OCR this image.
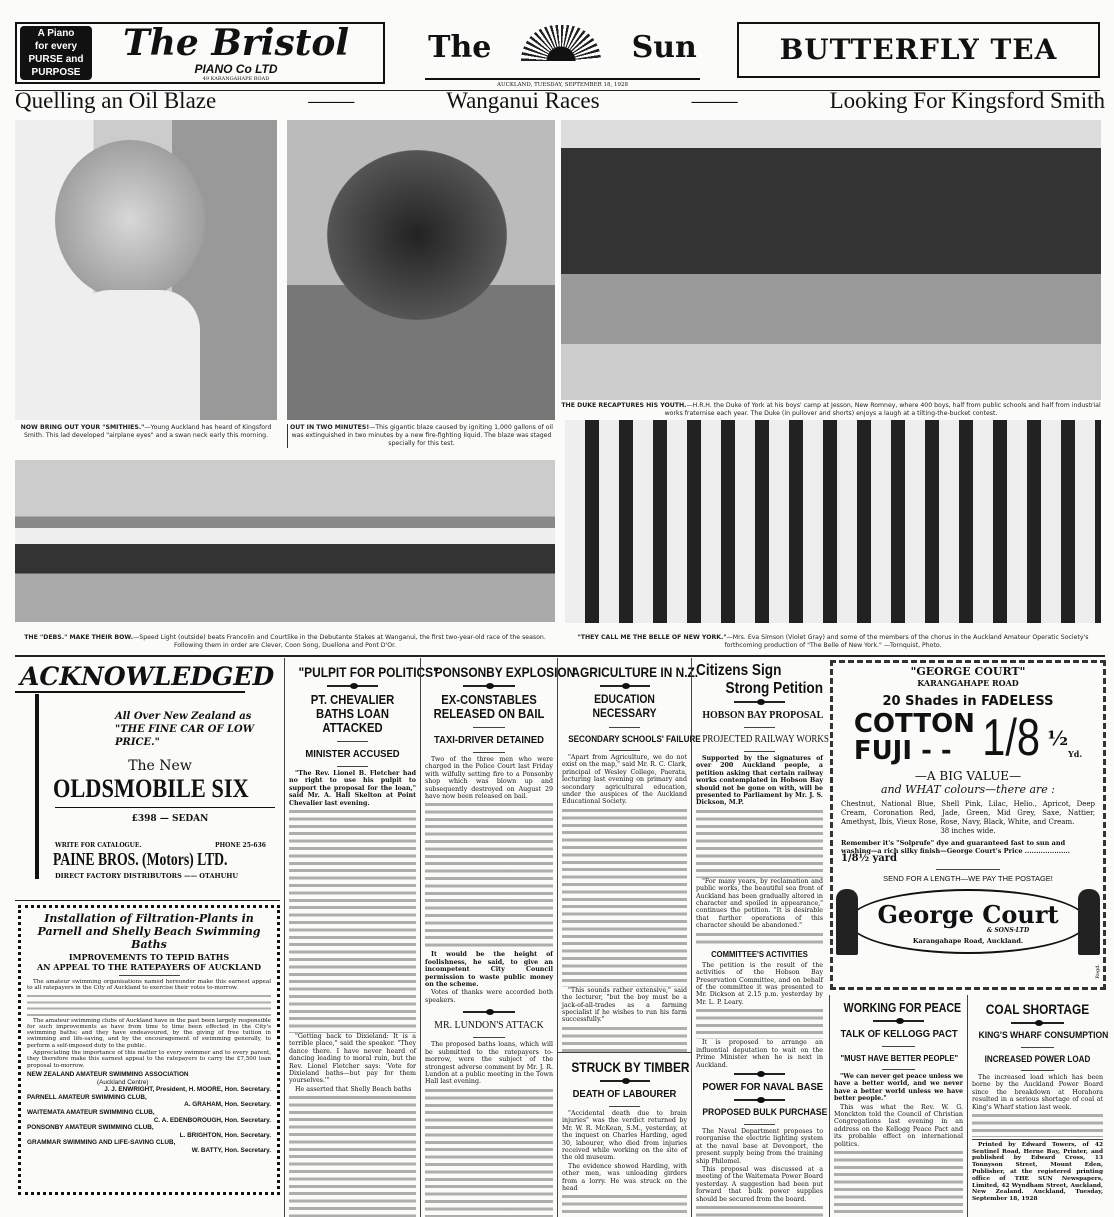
A Piano
for every
PURSE and
PURPOSE
The Bristol
PIANO Co LTD
49 KARANGAHAPE ROAD
The	Sun
AUCKLAND, TUESDAY, SEPTEMBER 18, 1928
BUTTERFLY TEA
Quelling an Oil Blaze	——	Wanganui Races	——	Looking For Kingsford Smith
NOW BRING OUT YOUR "SMITHIES."—Young Auckland has heard of Kingsford Smith. This lad developed "airplane eyes" and a swan neck early this morning.
OUT IN TWO MINUTES!—This gigantic blaze caused by igniting 1,000 gallons of oil was extinguished in two minutes by a new fire-fighting liquid. The blaze was staged specially for this test.
THE DUKE RECAPTURES HIS YOUTH.—H.R.H. the Duke of York at his boys' camp at Jesson, New Romney, where 400 boys, half from public schools and half from industrial works fraternise each year. The Duke (in pullover and shorts) enjoys a laugh at a tilting-the-bucket contest.
THE "DEBS." MAKE THEIR BOW.—Speed Light (outside) beats Francolin and Courtlike in the Debutante Stakes at Wanganui, the first two-year-old race of the season. Following them in order are Clever, Coon Song, Duellona and Pont D'Or.
"THEY CALL ME THE BELLE OF NEW YORK."—Mrs. Eva Simson (Violet Gray) and some of the members of the chorus in the Auckland Amateur Operatic Society's forthcoming production of "The Belle of New York." —Tornquist, Photo.
ACKNOWLEDGED
All Over New Zealand as "THE FINE CAR OF LOW PRICE."
The New
OLDSMOBILE SIX
£398 — SEDAN
WRITE FOR CATALOGUE.	PHONE 25-636
PAINE BROS. (Motors) LTD.
DIRECT FACTORY DISTRIBUTORS —— OTAHUHU
Installation of Filtration-Plants in Parnell and Shelly Beach Swimming Baths
IMPROVEMENTS TO TEPID BATHS
AN APPEAL TO THE RATEPAYERS OF AUCKLAND
The amateur swimming organisations named hereunder make this earnest appeal to all ratepayers in the City of Auckland to exercise their votes to-morrow.
The amateur swimming clubs of Auckland have in the past been largely responsible for such improvements as have from time to time been effected in the City's swimming baths; and they have endeavoured, by the giving of free tuition in swimming and life-saving, and by the encouragement of swimming generally, to perform a self-imposed duty to the public.
Appreciating the importance of this matter to every swimmer and to every parent, they therefore make this earnest appeal to the ratepayers to carry the £7,500 loan proposal to-morrow.
NEW ZEALAND AMATEUR SWIMMING ASSOCIATION
(Auckland Centre)
J. J. ENWRIGHT, President, H. MOORE, Hon. Secretary.
PARNELL AMATEUR SWIMMING CLUB,
A. GRAHAM, Hon. Secretary.
WAITEMATA AMATEUR SWIMMING CLUB,
C. A. EDENBOROUGH, Hon. Secretary.
PONSONBY AMATEUR SWIMMING CLUB,
L. BRIGHTON, Hon. Secretary.
GRAMMAR SWIMMING AND LIFE-SAVING CLUB,
W. BATTY, Hon. Secretary.
"PULPIT FOR POLITICS"
PT. CHEVALIER BATHS LOAN ATTACKED
MINISTER ACCUSED
"The Rev. Lionel B. Fletcher had no right to use his pulpit to support the proposal for the loan," said Mr. A. Hall Skelton at Point Chevalier last evening.
"Getting back to Dixieland: It is a terrible place," said the speaker. "They dance there. I have never heard of dancing leading to moral ruin, but the Rev. Lionel Fletcher says: 'Vote for Dixieland baths—but pay for them yourselves.'"
He asserted that Shelly Beach baths
PONSONBY EXPLOSION
EX-CONSTABLES RELEASED ON BAIL
TAXI-DRIVER DETAINED
Two of the three men who were charged in the Police Court last Friday with wilfully setting fire to a Ponsonby shop which was blown up and subsequently destroyed on August 29 have now been released on bail.
It would be the height of foolishness, he said, to give an incompetent City Council permission to waste public money on the scheme.
Votes of thanks were accorded both speakers.
MR. LUNDON'S ATTACK
The proposed baths loans, which will be submitted to the ratepayers to-morrow, were the subject of the strongest adverse comment by Mr. J. R. Lundon at a public meeting in the Town Hall last evening.
AGRICULTURE IN N.Z.
EDUCATION NECESSARY
SECONDARY SCHOOLS' FAILURE
"Apart from Agriculture, we do not exist on the map," said Mr. R. C. Clark, principal of Wesley College, Paerata, lecturing last evening on primary and secondary agricultural education, under the auspices of the Auckland Educational Society.
"This sounds rather extensive," said the lecturer, "but the boy must be a jack-of-all-trades as a farming specialist if he wishes to run his farm successfully."
STRUCK BY TIMBER
DEATH OF LABOURER
"Accidental death due to brain injuries" was the verdict returned by Mr. W. R. McKean, S.M., yesterday, at the inquest on Charles Harding, aged 30, labourer, who died from injuries received while working on the site of the old museum.
The evidence showed Harding, with other men, was unloading girders from a lorry. He was struck on the head
Citizens Sign
Strong Petition
HOBSON BAY PROPOSAL
PROJECTED RAILWAY WORKS
Supported by the signatures of over 200 Auckland people, a petition asking that certain railway works contemplated in Hobson Bay should not be gone on with, will be presented to Parliament by Mr. J. S. Dickson, M.P.
"For many years, by reclamation and public works, the beautiful sea front of Auckland has been gradually altered in character and spoiled in appearance," continues the petition. "It is desirable that further operations of this character should be abandoned."
COMMITTEE'S ACTIVITIES
The petition is the result of the activities of the Hobson Bay Preservation Committee, and on behalf of the committee it was presented to Mr. Dickson at 2.15 p.m. yesterday by Mr. L. P. Leary.
It is proposed to arrange an influential deputation to wait on the Prime Minister when he is next in Auckland.
POWER FOR NAVAL BASE
PROPOSED BULK PURCHASE
The Naval Department proposes to reorganise the electric lighting system at the naval base at Devonport, the present supply being from the training ship Philomel.
This proposal was discussed at a meeting of the Waitemata Power Board yesterday. A suggestion had been put forward that bulk power supplies should be secured from the board.
"GEORGE COURT"
KARANGAHAPE ROAD
20 Shades in FADELESS
COTTON
FUJI - - 1/8 ½
Yd.
—A BIG VALUE—
and WHAT colours—there are :
Chestnut, National Blue, Shell Pink, Lilac, Helio., Apricot, Deep Cream, Coronation Red, Jade, Green, Mid Grey, Saxe, Nattier, Amethyst, Ibis, Vieux Rose, Rose, Navy, Black, White, and Cream.
38 inches wide.
Remember it's "Solprufe" dye and guaranteed fast to sun and washing—a rich silky finish—George Court's Price .................... 1/8½ yard
SEND FOR A LENGTH—WE PAY THE POSTAGE!
George Court
& SONS·LTD
Karangahape Road, Auckland.
Regd.
WORKING FOR PEACE
TALK OF KELLOGG PACT
"MUST HAVE BETTER PEOPLE"
"We can never get peace unless we have a better world, and we never have a better world unless we have better people."
This was what the Rev. W. G. Monckton told the Council of Christian Congregations last evening in an address on the Kellogg Peace Pact and its probable effect on international politics.
COAL SHORTAGE
KING'S WHARF CONSUMPTION
INCREASED POWER LOAD
The increased load which has been borne by the Auckland Power Board since the breakdown at Horahora resulted in a serious shortage of coal at King's Wharf station last week.
Printed by Edward Towers, of 42 Sentinel Road, Herne Bay, Printer, and published by Edward Cross, 13 Tonnyson Street, Mount Eden, Publisher, at the registered printing office of THE SUN Newspapers, Limited, 42 Wyndham Street, Auckland, New Zealand. Auckland, Tuesday, September 18, 1928
